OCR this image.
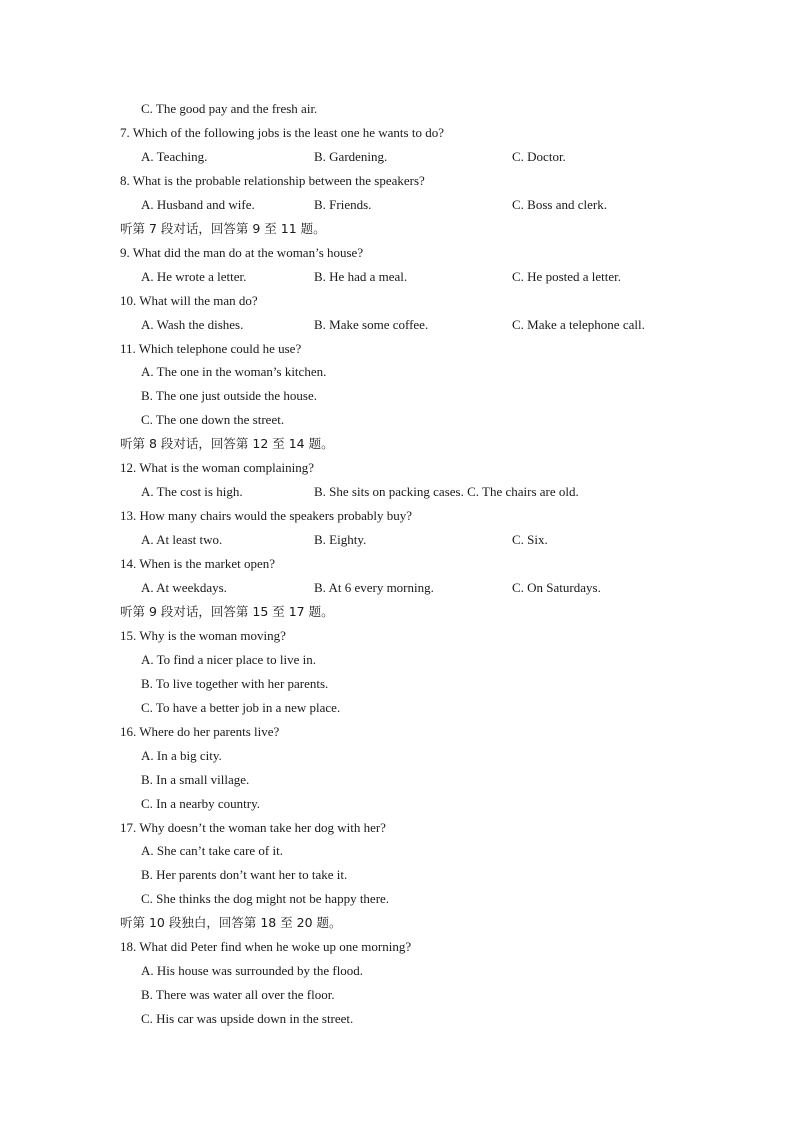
C. The good pay and the fresh air.
7. Which of the following jobs is the least one he wants to do?
A. Teaching.	B. Gardening.	C. Doctor.
8. What is the probable relationship between the speakers?
A. Husband and wife.	B. Friends.	C. Boss and clerk.
听第 7 段对话，回答第 9 至 11 题。
9. What did the man do at the woman’s house?
A. He wrote a letter.	B. He had a meal.	C. He posted a letter.
10. What will the man do?
A. Wash the dishes.	B. Make some coffee.	C. Make a telephone call.
11. Which telephone could he use?
A. The one in the woman’s kitchen.
B. The one just outside the house.
C. The one down the street.
听第 8 段对话，回答第 12 至 14 题。
12. What is the woman complaining?
A. The cost is high.	B. She sits on packing cases. C. The chairs are old.
13. How many chairs would the speakers probably buy?
A. At least two.	B. Eighty.	C. Six.
14. When is the market open?
A. At weekdays.	B. At 6 every morning.	C. On Saturdays.
听第 9 段对话，回答第 15 至 17 题。
15. Why is the woman moving?
A. To find a nicer place to live in.
B. To live together with her parents.
C. To have a better job in a new place.
16. Where do her parents live?
A. In a big city.
B. In a small village.
C. In a nearby country.
17. Why doesn’t the woman take her dog with her?
A. She can’t take care of it.
B. Her parents don’t want her to take it.
C. She thinks the dog might not be happy there.
听第 10 段独白，回答第 18 至 20 题。
18. What did Peter find when he woke up one morning?
A. His house was surrounded by the flood.
B. There was water all over the floor.
C. His car was upside down in the street.
